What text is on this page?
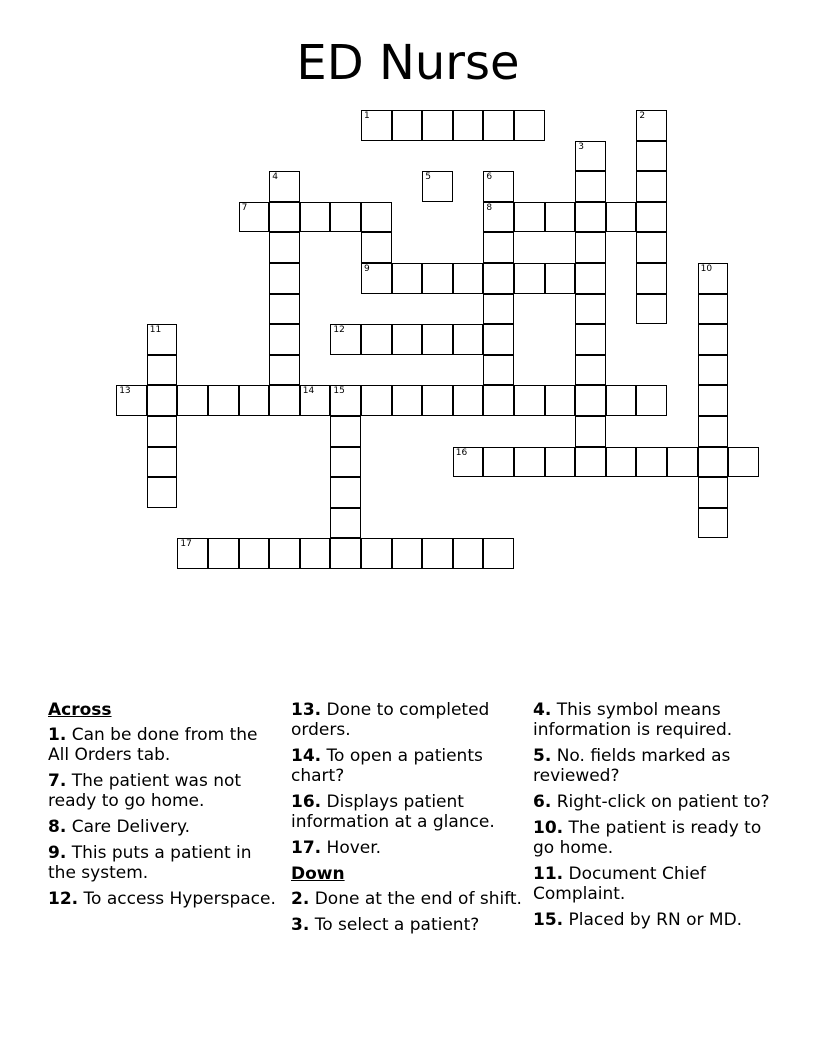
ED Nurse
1	2
3
4	5	6
7	8
9	10
11	12
13	14 15
16
17
Across
1. Can be done from the All Orders tab.
7. The patient was not ready to go home.
8. Care Delivery.
9. This puts a patient in the system.
12. To access Hyperspace.
13. Done to completed orders.
14. To open a patients chart?
16. Displays patient information at a glance.
17. Hover.
Down
2. Done at the end of shift.
3. To select a patient?
4. This symbol means information is required.
5. No. fields marked as reviewed?
6. Right-click on patient to?
10. The patient is ready to go home.
11. Document Chief Complaint.
15. Placed by RN or MD.
